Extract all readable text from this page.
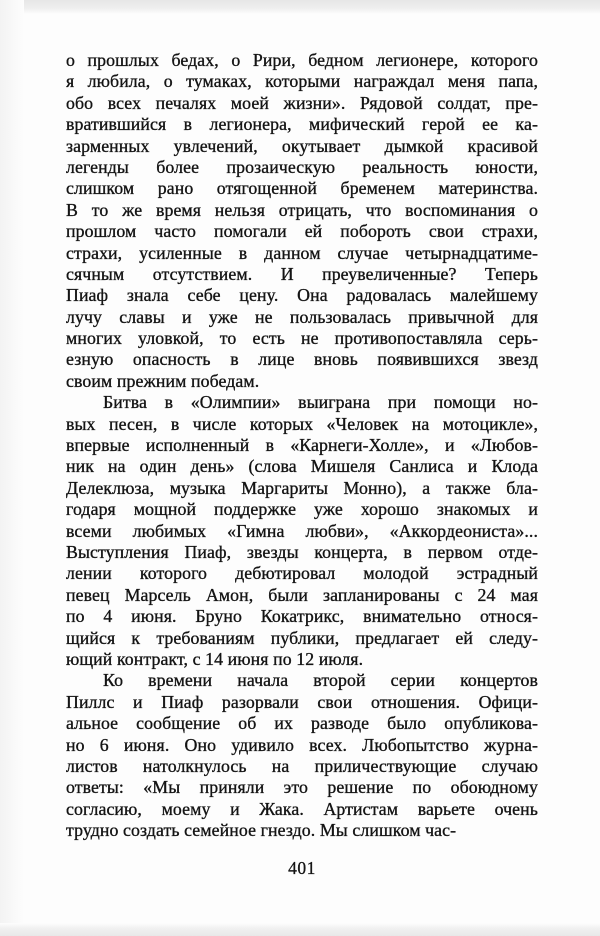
о прошлых бедах, о Рири, бедном легионере, которого
я любила, о тумаках, которыми награждал меня папа,
обо всех печалях моей жизни». Рядовой солдат, пре-
вратившийся в легионера, мифический герой ее ка-
зарменных увлечений, окутывает дымкой красивой
легенды более прозаическую реальность юности,
слишком рано отягощенной бременем материнства.
В то же время нельзя отрицать, что воспоминания о
прошлом часто помогали ей побороть свои страхи,
страхи, усиленные в данном случае четырнадцатиме-
сячным отсутствием. И преувеличенные? Теперь
Пиаф знала себе цену. Она радовалась малейшему
лучу славы и уже не пользовалась привычной для
многих уловкой, то есть не противопоставляла серь-
езную опасность в лице вновь появившихся звезд
своим прежним победам.
Битва в «Олимпии» выиграна при помощи но-
вых песен, в числе которых «Человек на мотоцикле»,
впервые исполненный в «Карнеги-Холле», и «Любов-
ник на один день» (слова Мишеля Санлиса и Клода
Делеклюза, музыка Маргариты Монно), а также бла-
годаря мощной поддержке уже хорошо знакомых и
всеми любимых «Гимна любви», «Аккордеониста»...
Выступления Пиаф, звезды концерта, в первом отде-
лении которого дебютировал молодой эстрадный
певец Марсель Амон, были запланированы с 24 мая
по 4 июня. Бруно Кокатрикс, внимательно относя-
щийся к требованиям публики, предлагает ей следу-
ющий контракт, с 14 июня по 12 июля.
Ко времени начала второй серии концертов
Пиллс и Пиаф разорвали свои отношения. Офици-
альное сообщение об их разводе было опубликова-
но 6 июня. Оно удивило всех. Любопытство журна-
листов натолкнулось на приличествующие случаю
ответы: «Мы приняли это решение по обоюдному
согласию, моему и Жака. Артистам варьете очень
трудно создать семейное гнездо. Мы слишком час-
401
